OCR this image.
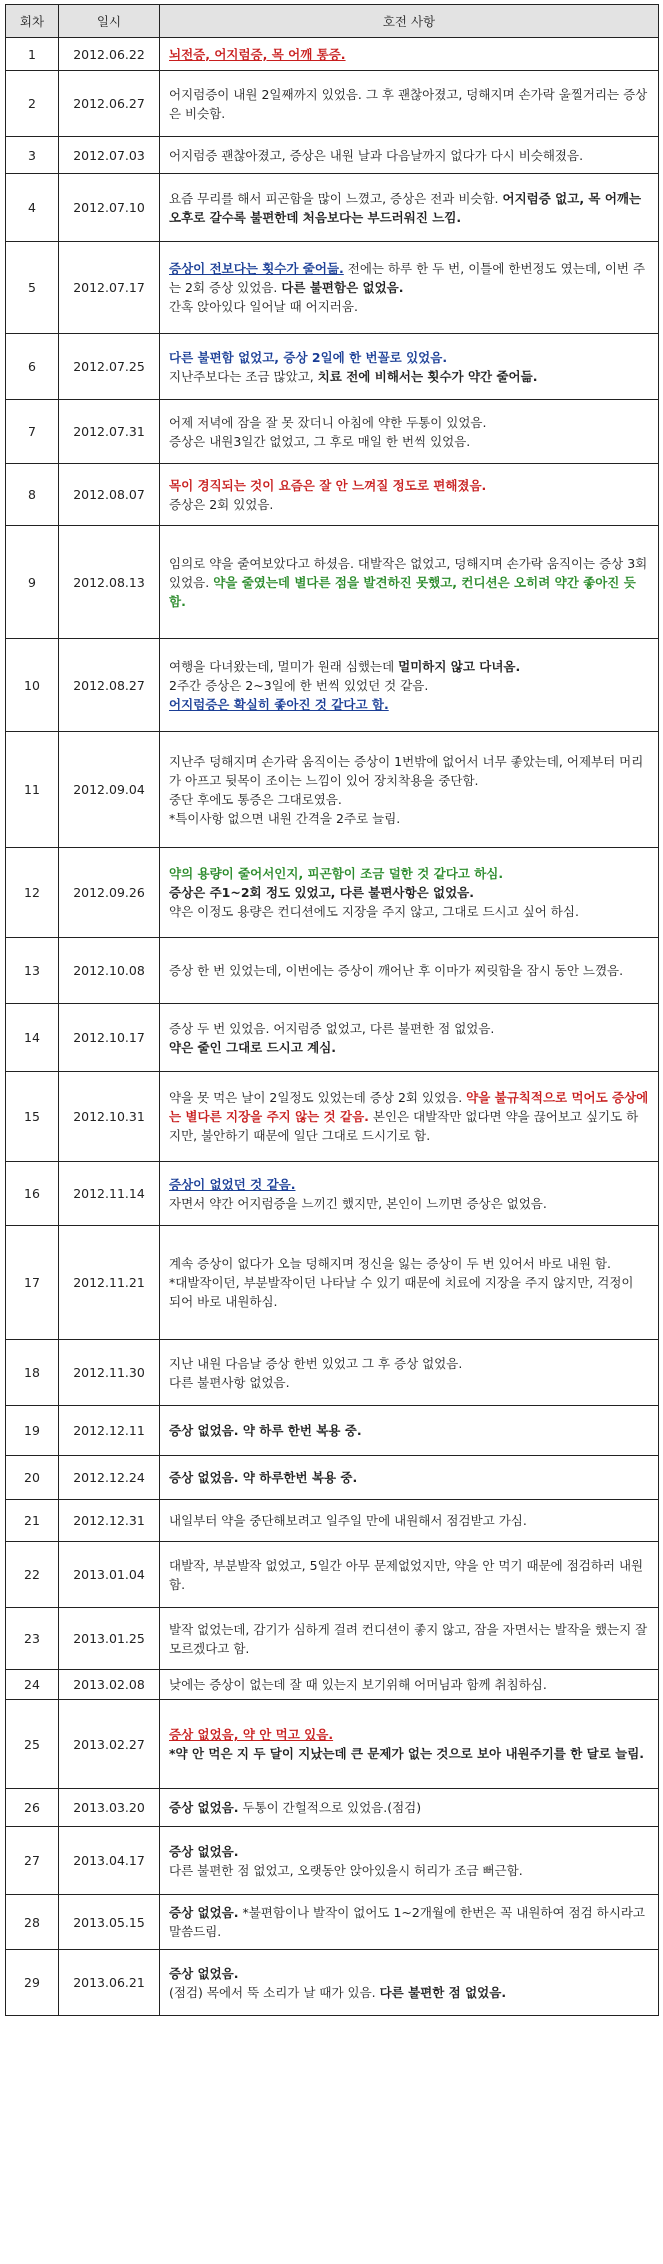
회차	일시	호전 사항
1	2012.06.22	뇌전증, 어지럼증, 목 어깨 통증.

2	2012.06.27	어지럼증이 내원 2일째까지 있었음. 그 후 괜찮아졌고, 덩해지며 손가락 울찔거리는 증상은 비슷함.

3	2012.07.03	어지럼증 괜찮아졌고, 증상은 내원 날과 다음날까지 없다가 다시 비슷해졌음.

4	2012.07.10	요즘 무리를 해서 피곤함을 많이 느꼈고, 증상은 전과 비슷함. 어지럼증 없고, 목 어깨는 오후로 갈수록 불편한데 처음보다는 부드러워진 느낌.

5	2012.07.17	증상이 전보다는 횟수가 줄어듦. 전에는 하루 한 두 번, 이틀에 한번정도 였는데, 이번 주는 2회 증상 있었음. 다른 불편함은 없었음.
간혹 앉아있다 일어날 때 어지러움.

6	2012.07.25	다른 불편함 없었고, 증상 2일에 한 번꼴로 있었음.
지난주보다는 조금 많았고, 치료 전에 비해서는 횟수가 약간 줄어듦.

7	2012.07.31	어제 저녁에 잠을 잘 못 잤더니 아침에 약한 두통이 있었음.
증상은 내원3일간 없었고, 그 후로 매일 한 번씩 있었음.

8	2012.08.07	목이 경직되는 것이 요즘은 잘 안 느껴질 정도로 편해졌음.
증상은 2회 있었음.

9	2012.08.13	임의로 약을 줄여보았다고 하셨음. 대발작은 없었고, 덩해지며 손가락 움직이는 증상 3회 있었음. 약을 줄였는데 별다른 점을 발견하진 못했고, 컨디션은 오히려 약간 좋아진 듯함.

10	2012.08.27	여행을 다녀왔는데, 멀미가 원래 심했는데 멀미하지 않고 다녀옴.
2주간 증상은 2~3일에 한 번씩 있었던 것 같음.
어지럼증은 확실히 좋아진 것 같다고 함.

11	2012.09.04	지난주 덩해지며 손가락 움직이는 증상이 1번밖에 없어서 너무 좋았는데, 어제부터 머리가 아프고 뒷목이 조이는 느낌이 있어 장치착용을 중단함.
중단 후에도 통증은 그대로였음.
*특이사항 없으면 내원 간격을 2주로 늘림.

12	2012.09.26	약의 용량이 줄어서인지, 피곤함이 조금 덜한 것 같다고 하심.
증상은 주1~2회 정도 있었고, 다른 불편사항은 없었음.
약은 이정도 용량은 컨디션에도 지장을 주지 않고, 그대로 드시고 싶어 하심.

13	2012.10.08	증상 한 번 있었는데, 이번에는 증상이 깨어난 후 이마가 찌릿함을 잠시 동안 느꼈음.

14	2012.10.17	증상 두 번 있었음. 어지럼증 없었고, 다른 불편한 점 없었음.
약은 줄인 그대로 드시고 계심.

15	2012.10.31	약을 못 먹은 날이 2일정도 있었는데 증상 2회 있었음. 약을 불규칙적으로 먹어도 증상에는 별다른 지장을 주지 않는 것 같음. 본인은 대발작만 없다면 약을 끊어보고 싶기도 하지만, 불안하기 때문에 일단 그대로 드시기로 함.

16	2012.11.14	증상이 없었던 것 같음.
자면서 약간 어지럼증을 느끼긴 했지만, 본인이 느끼면 증상은 없었음.

17	2012.11.21	계속 증상이 없다가 오늘 덩해지며 정신을 잃는 증상이 두 번 있어서 바로 내원 함.
*대발작이던, 부분발작이던 나타날 수 있기 때문에 치료에 지장을 주지 않지만, 걱정이 되어 바로 내원하심.

18	2012.11.30	지난 내원 다음날 증상 한번 있었고 그 후 증상 없었음.
다른 불편사항 없었음.

19	2012.12.11	증상 없었음. 약 하루 한번 복용 중.

20	2012.12.24	증상 없었음. 약 하루한번 복용 중.

21	2012.12.31	내일부터 약을 중단해보려고 일주일 만에 내원해서 점검받고 가심.

22	2013.01.04	대발작, 부분발작 없었고, 5일간 아무 문제없었지만, 약을 안 먹기 때문에 점검하러 내원함.

23	2013.01.25	발작 없었는데, 감기가 심하게 걸려 컨디션이 좋지 않고, 잠을 자면서는 발작을 했는지 잘 모르겠다고 함.

24	2013.02.08	낮에는 증상이 없는데 잘 때 있는지 보기위해 어머님과 함께 취침하심.

25	2013.02.27	증상 없었음, 약 안 먹고 있음.
*약 안 먹은 지 두 달이 지났는데 큰 문제가 없는 것으로 보아 내원주기를 한 달로 늘림.

26	2013.03.20	증상 없었음. 두통이 간헐적으로 있었음.(점검)

27	2013.04.17	증상 없었음.
다른 불편한 점 없었고, 오랫동안 앉아있을시 허리가 조금 뻐근함.

28	2013.05.15	증상 없었음. *불편함이나 발작이 없어도 1~2개월에 한번은 꼭 내원하여 점검 하시라고 말씀드림.

29	2013.06.21	증상 없었음.
(점검) 목에서 뚝 소리가 날 때가 있음. 다른 불편한 점 없었음.
